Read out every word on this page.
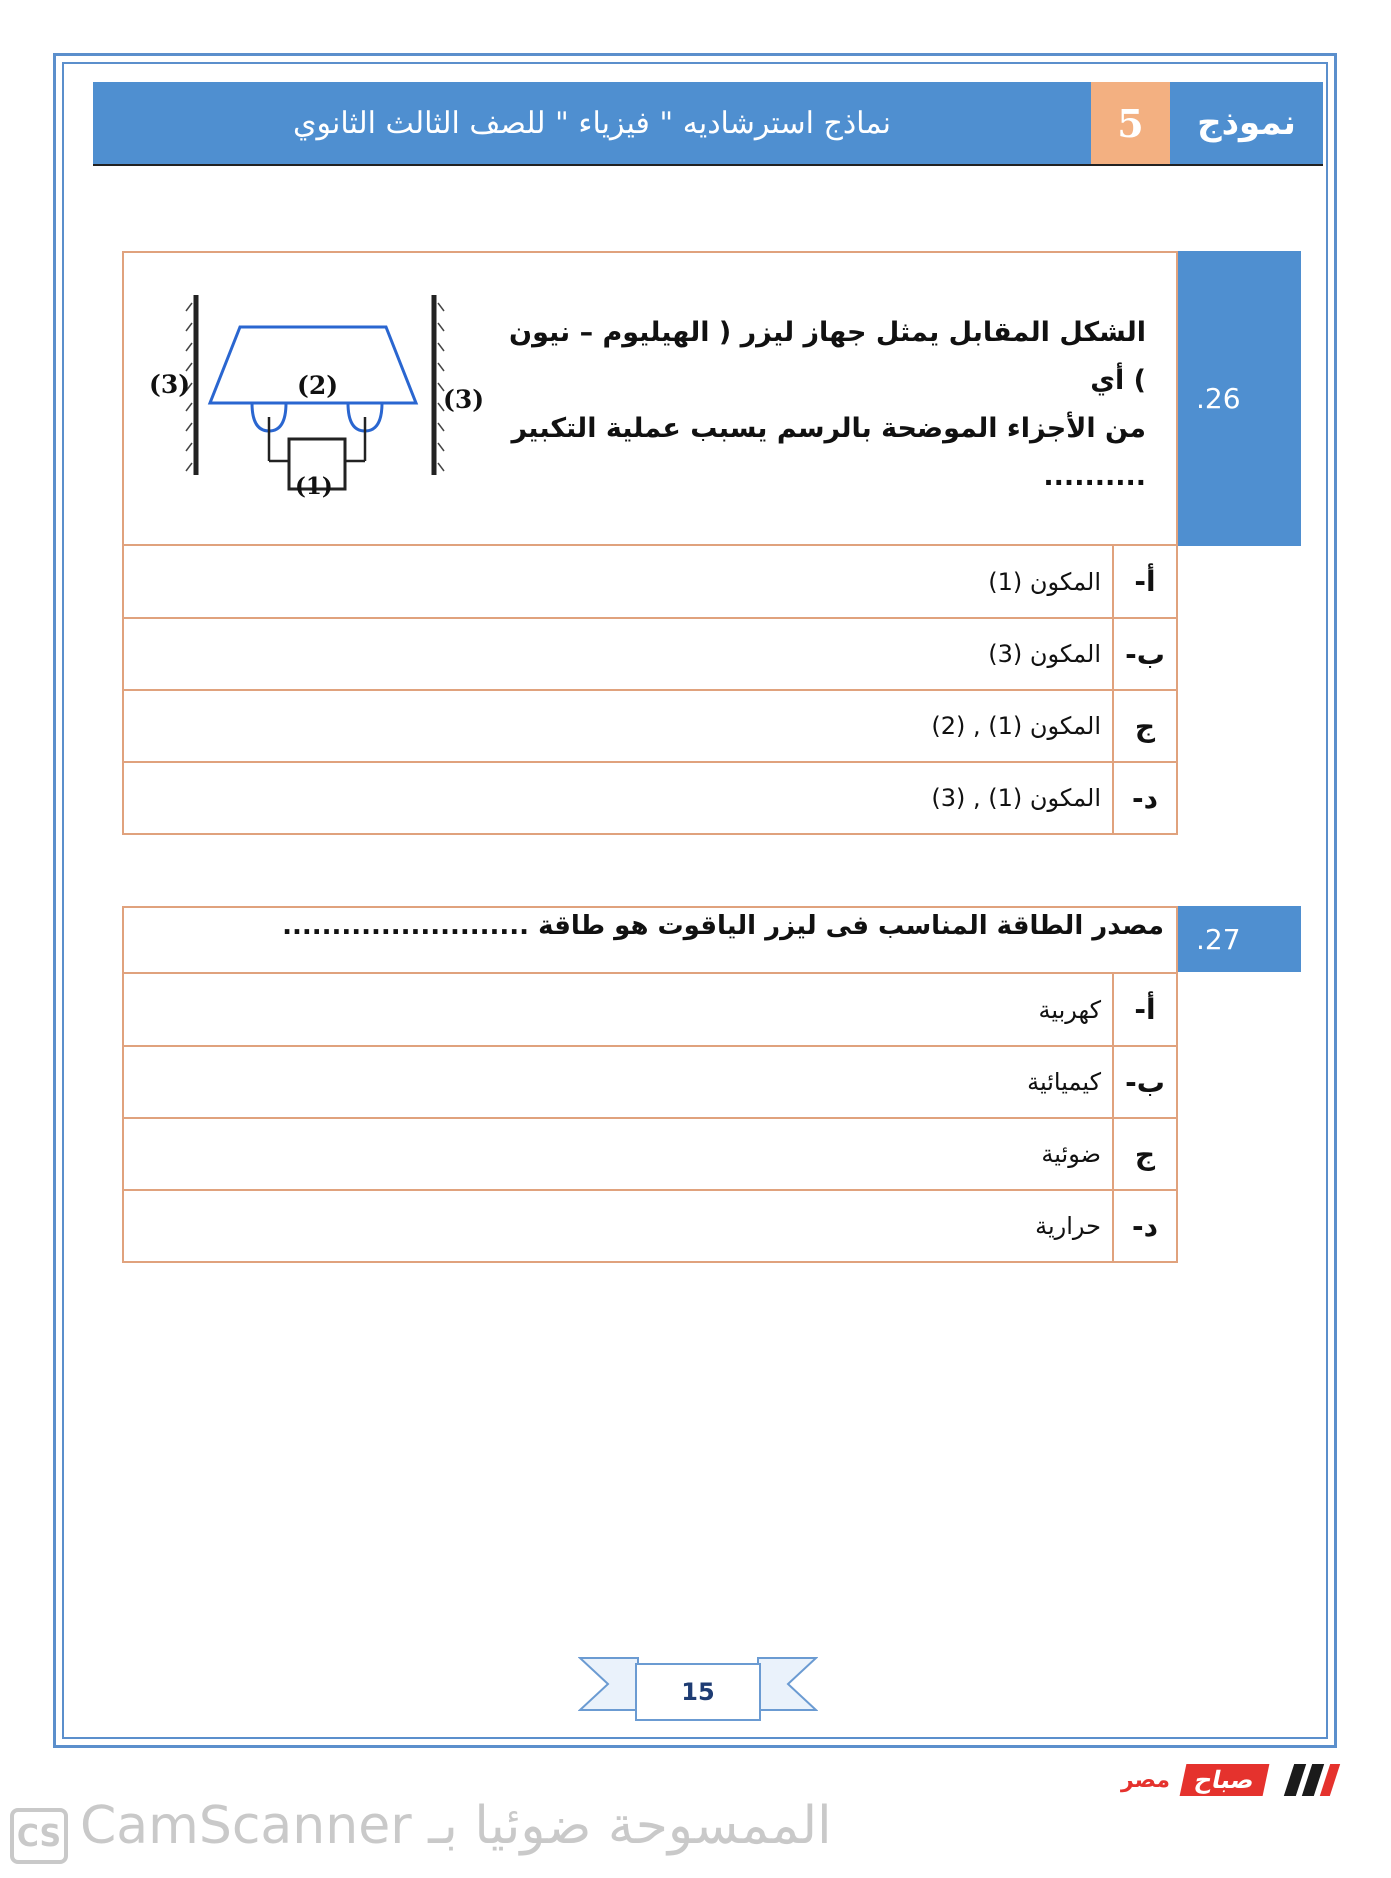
نماذج استرشاديه " فيزياء " للصف الثالث الثانوي	5	نموذج
.26
الشكل المقابل يمثل جهاز ليزر ( الهيليوم – نيون ) أي
من الأجزاء الموضحة بالرسم يسبب عملية التكبير ..........
(3)
(3)
(2)
(1)
أ-
المكون (1)
ب-
المكون (3)
ج
المكون (1) , (2)
د-
المكون (1) , (3)
.27
مصدر الطاقة المناسب فى ليزر الياقوت هو طاقة .........................
أ-
كهربية
ب-
كيميائية
ج
ضوئية
د-
حرارية
15
مصر صباح
CS الممسوحة ضوئيا بـ CamScanner
